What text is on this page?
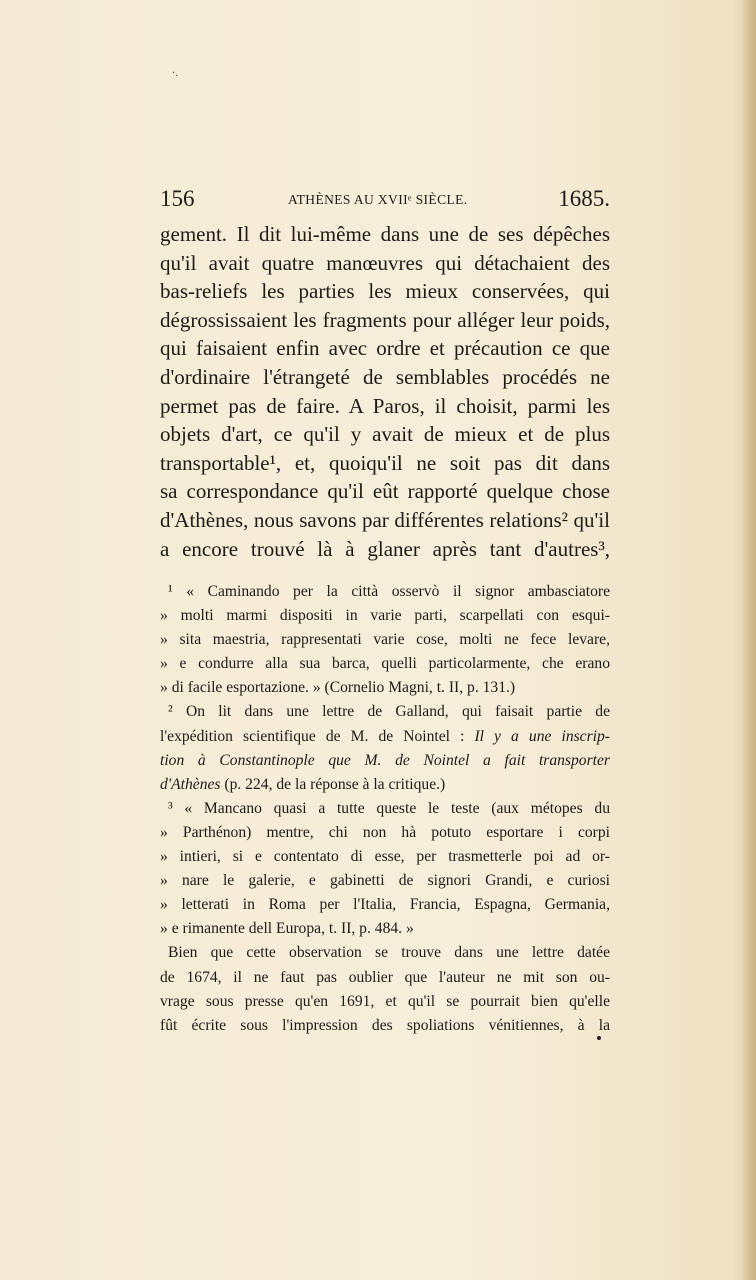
·.
156	ATHÈNES AU XVIIᵉ SIÈCLE.	1685.
gement. Il dit lui-même dans une de ses dépêches
qu'il avait quatre manœuvres qui détachaient des
bas-reliefs les parties les mieux conservées, qui
dégrossissaient les fragments pour alléger leur poids,
qui faisaient enfin avec ordre et précaution ce que
d'ordinaire l'étrangeté de semblables procédés ne
permet pas de faire. A Paros, il choisit, parmi les
objets d'art, ce qu'il y avait de mieux et de plus
transportable¹, et, quoiqu'il ne soit pas dit dans
sa correspondance qu'il eût rapporté quelque chose
d'Athènes, nous savons par différentes relations² qu'il
a encore trouvé là à glaner après tant d'autres³,
¹ « Caminando per la città osservò il signor ambasciatore
» molti marmi dispositi in varie parti, scarpellati con esqui-
» sita maestria, rappresentati varie cose, molti ne fece levare,
» e condurre alla sua barca, quelli particolarmente, che erano
» di facile esportazione. » (Cornelio Magni, t. II, p. 131.)
² On lit dans une lettre de Galland, qui faisait partie de
l'expédition scientifique de M. de Nointel : Il y a une inscrip-
tion à Constantinople que M. de Nointel a fait transporter
d'Athènes (p. 224, de la réponse à la critique.)
³ « Mancano quasi a tutte queste le teste (aux métopes du
» Parthénon) mentre, chi non hà potuto esportare i corpi
» intieri, si e contentato di esse, per trasmetterle poi ad or-
» nare le galerie, e gabinetti de signori Grandi, e curiosi
» letterati in Roma per l'Italia, Francia, Espagna, Germania,
» e rimanente dell Europa, t. II, p. 484. »
Bien que cette observation se trouve dans une lettre datée
de 1674, il ne faut pas oublier que l'auteur ne mit son ou-
vrage sous presse qu'en 1691, et qu'il se pourrait bien qu'elle
fût écrite sous l'impression des spoliations vénitiennes, à la
